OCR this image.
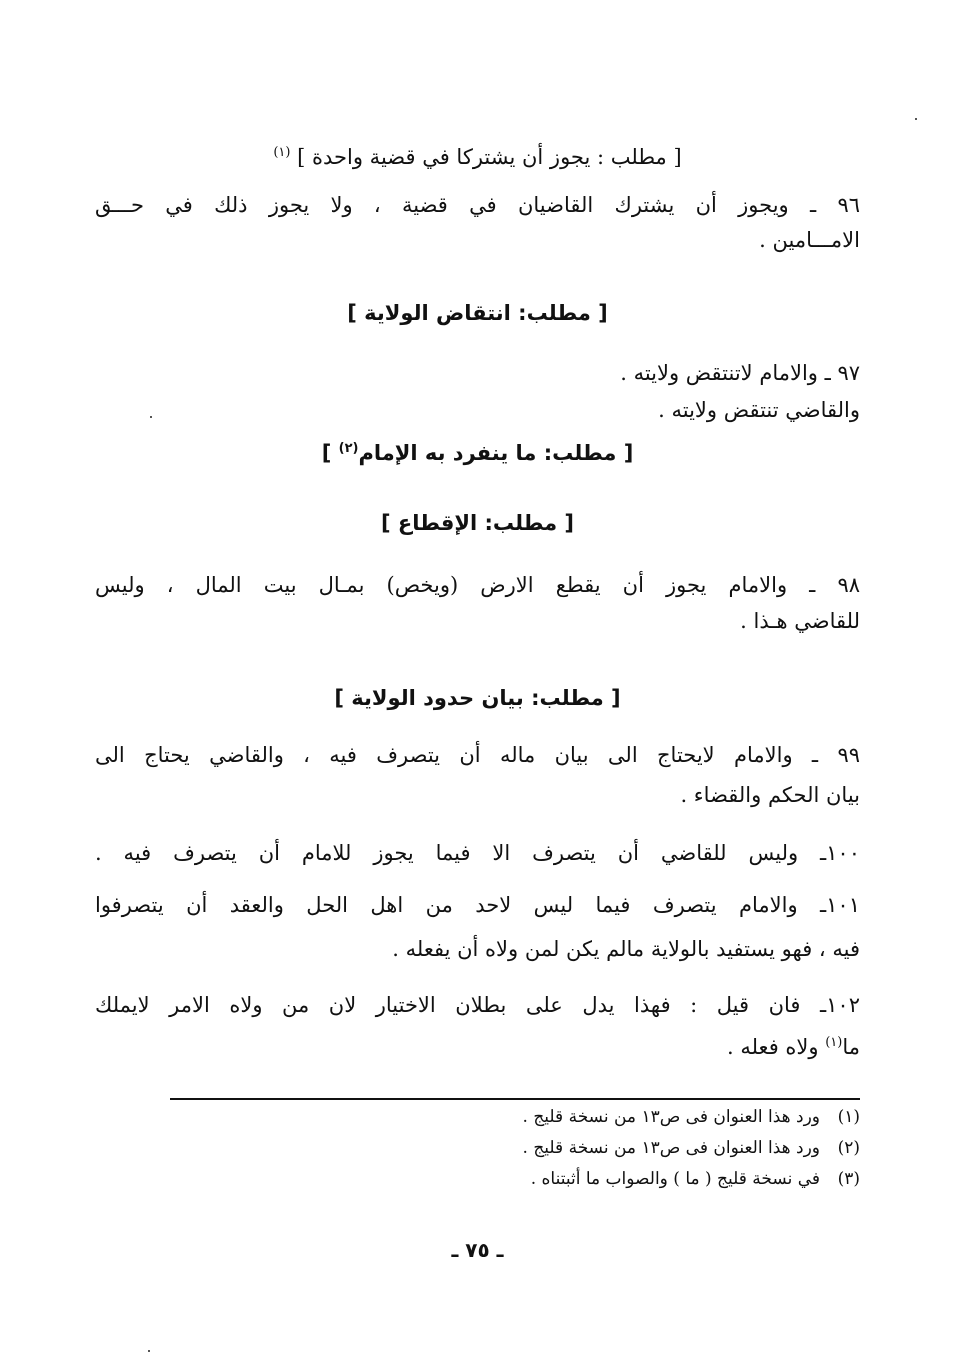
[ مطلب : يجوز أن يشتركا في قضية واحدة ] $^{(١)}$
٩٦ ـ ويجوز أن يشترك القاضيان في قضية ، ولا يجوز ذلك في حـــق
الامـــامين .
[ مطلب: انتقاض الولاية ]
٩٧ ـ والامام لاتنتقض ولايته .
والقاضي تنتقض ولايته .
[ مطلب: ما ينفرد به الإمام$^{(٢)}$ ]
[ مطلب: الإقطاع ]
٩٨ ـ والامام يجوز أن يقطع الارض (ويخص) بمـال بيت المال ، وليس
للقاضي هـذا .
[ مطلب: بيان حدود الولاية ]
٩٩ ـ والامام لايحتاج الى بيان ماله أن يتصرف فيه ، والقاضي يحتاج الى
بيان الحكم والقضاء .
١٠٠ـ وليس للقاضي أن يتصرف الا فيما يجوز للامام أن يتصرف فيه .
١٠١ـ والامام يتصرف فيما ليس لاحد من اهل الحل والعقد أن يتصرفوا
فيه ، فهو يستفيد بالولاية مالم يكن لمن ولاه أن يفعله .
١٠٢ـ فان قيل : فهذا يدل على بطلان الاختيار لان من ولاه الامر لايملك
ما$^{(١)}$ ولاه فعله .
(١)ورد هذا العنوان فى ص١٣ من نسخة قليج .
(٢)ورد هذا العنوان فى ص١٣ من نسخة قليج .
(٣)في نسخة قليج ( ما ) والصواب ما أثبتناه .
ـ ٧٥ ـ
